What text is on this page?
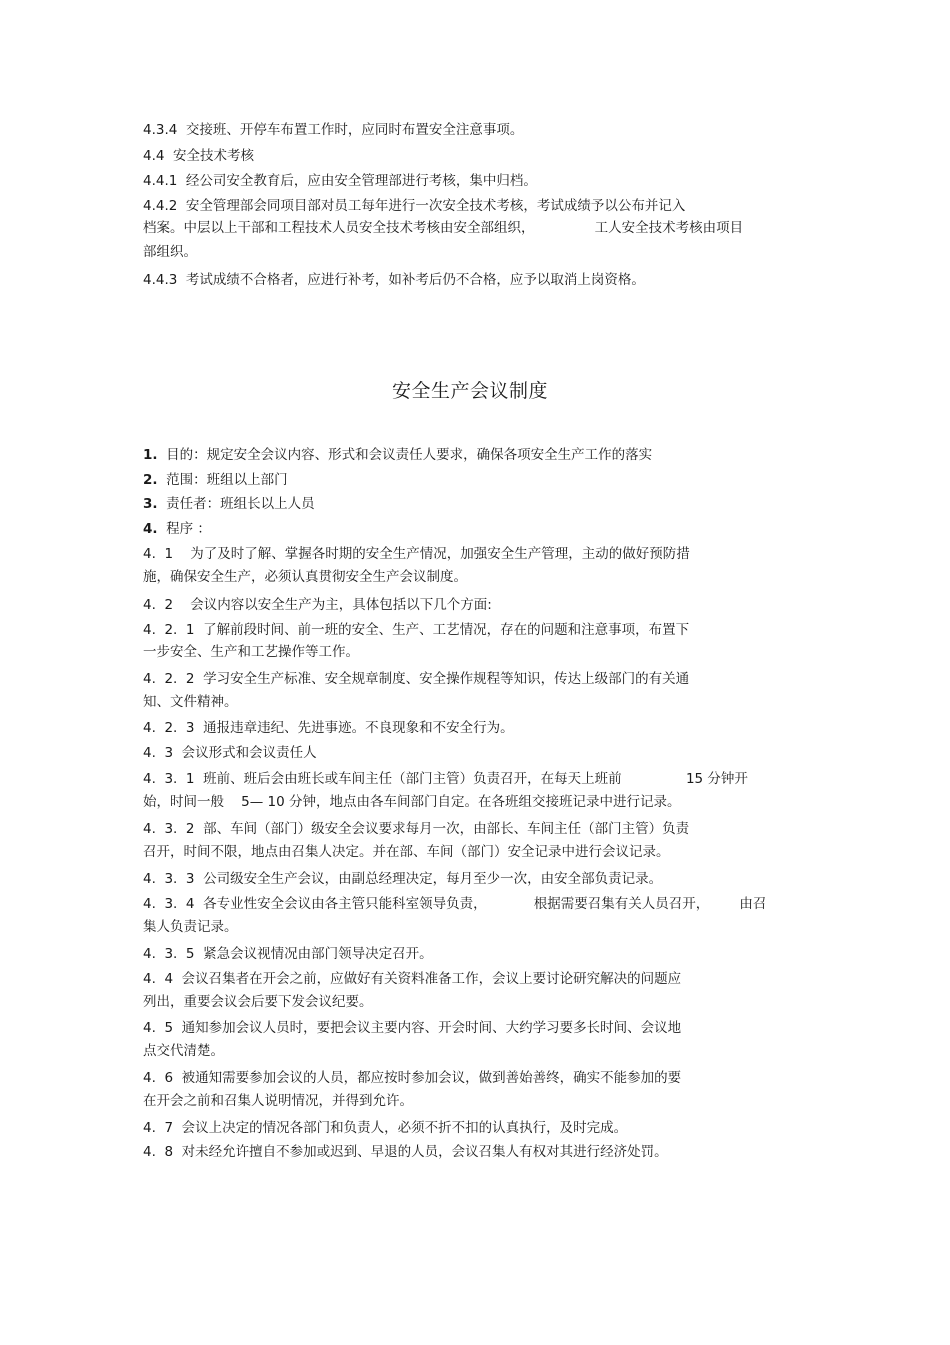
4.3.4  交接班、开停车布置工作时，应同时布置安全注意事项。
4.4  安全技术考核
4.4.1  经公司安全教育后，应由安全管理部进行考核，集中归档。
4.4.2  安全管理部会同项目部对员工每年进行一次安全技术考核，考试成绩予以公布并记入
档案。中层以上干部和工程技术人员安全技术考核由安全部组织，              工人安全技术考核由项目
部组织。
4.4.3  考试成绩不合格者，应进行补考，如补考后仍不合格，应予以取消上岗资格。
安全生产会议制度
1.  目的：规定安全会议内容、形式和会议责任人要求，确保各项安全生产工作的落实
2.  范围：班组以上部门
3.  责任者：班组长以上人员
4.  程序 ：
4.  1    为了及时了解、掌握各时期的安全生产情况，加强安全生产管理，主动的做好预防措
施，确保安全生产，必须认真贯彻安全生产会议制度。
4.  2    会议内容以安全生产为主，具体包括以下几个方面:
4.  2.  1  了解前段时间、前一班的安全、生产、工艺情况，存在的问题和注意事项，布置下
一步安全、生产和工艺操作等工作。
4.  2.  2  学习安全生产标准、安全规章制度、安全操作规程等知识，传达上级部门的有关通
知、文件精神。
4.  2.  3  通报违章违纪、先进事迹。不良现象和不安全行为。
4.  3  会议形式和会议责任人
4.  3.  1  班前、班后会由班长或车间主任（部门主管）负责召开，在每天上班前               15 分钟开
始，时间一般    5— 10 分钟，地点由各车间部门自定。在各班组交接班记录中进行记录。
4.  3.  2  部、车间（部门）级安全会议要求每月一次，由部长、车间主任（部门主管）负责
召开，时间不限，地点由召集人决定。并在部、车间（部门）安全记录中进行会议记录。
4.  3.  3  公司级安全生产会议，由副总经理决定，每月至少一次，由安全部负责记录。
4.  3.  4  各专业性安全会议由各主管只能科室领导负责，           根据需要召集有关人员召开，       由召
集人负责记录。
4.  3.  5  紧急会议视情况由部门领导决定召开。
4.  4  会议召集者在开会之前，应做好有关资料准备工作，会议上要讨论研究解决的问题应
列出，重要会议会后要下发会议纪要。
4.  5  通知参加会议人员时，要把会议主要内容、开会时间、大约学习要多长时间、会议地
点交代清楚。
4.  6  被通知需要参加会议的人员，都应按时参加会议，做到善始善终，确实不能参加的要
在开会之前和召集人说明情况，并得到允许。
4.  7  会议上决定的情况各部门和负责人，必须不折不扣的认真执行，及时完成。
4.  8  对未经允许擅自不参加或迟到、早退的人员，会议召集人有权对其进行经济处罚。
